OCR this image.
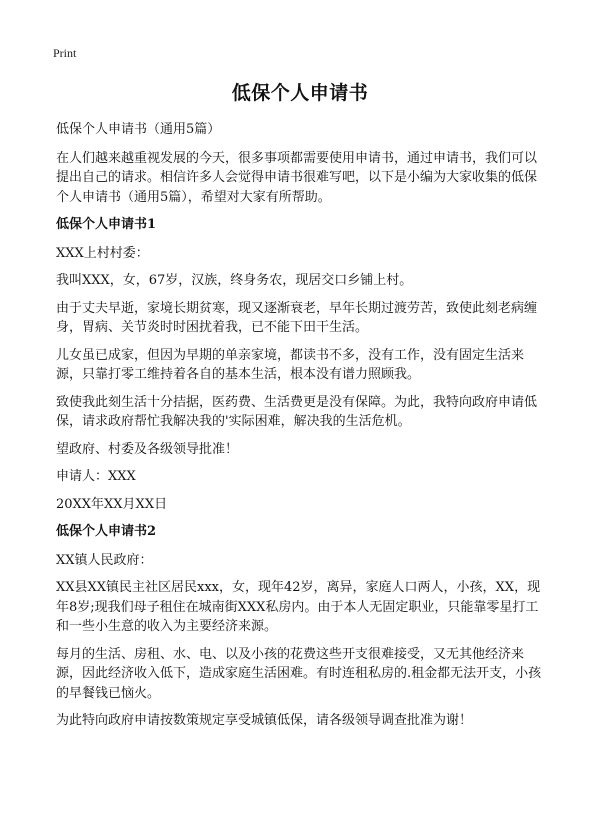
Print
低保个人申请书

低保个人申请书（通用5篇）

在人们越来越重视发展的今天，很多事项都需要使用申请书，通过申请书，我们可以提出自己的请求。相信许多人会觉得申请书很难写吧，以下是小编为大家收集的低保个人申请书（通用5篇），希望对大家有所帮助。

低保个人申请书1

XXX上村村委：

我叫XXX，女，67岁，汉族，终身务农，现居交口乡铺上村。

由于丈夫早逝，家境长期贫寒，现又逐渐衰老，早年长期过渡劳苦，致使此刻老病缠身，胃病、关节炎时时困扰着我，已不能下田干生活。

儿女虽已成家，但因为早期的单亲家境，都读书不多，没有工作，没有固定生活来源，只靠打零工维持着各自的基本生活，根本没有谱力照顾我。

致使我此刻生活十分拮据，医药费、生活费更是没有保障。为此，我特向政府申请低保，请求政府帮忙我解决我的'实际困难，解决我的生活危机。

望政府、村委及各级领导批准！

申请人：XXX

20XX年XX月XX日

低保个人申请书2

XX镇人民政府：

XX县XX镇民主社区居民xxx，女，现年42岁，离异，家庭人口两人，小孩，XX，现年8岁;现我们母子租住在城南街XXX私房内。由于本人无固定职业，只能靠零星打工和一些小生意的收入为主要经济来源。

每月的生活、房租、水、电、以及小孩的花费这些开支很难接受，又无其他经济来源，因此经济收入低下，造成家庭生活困难。有时连租私房的.租金都无法开支，小孩的早餐钱已恼火。

为此特向政府申请按数策规定享受城镇低保，请各级领导调查批准为谢！
